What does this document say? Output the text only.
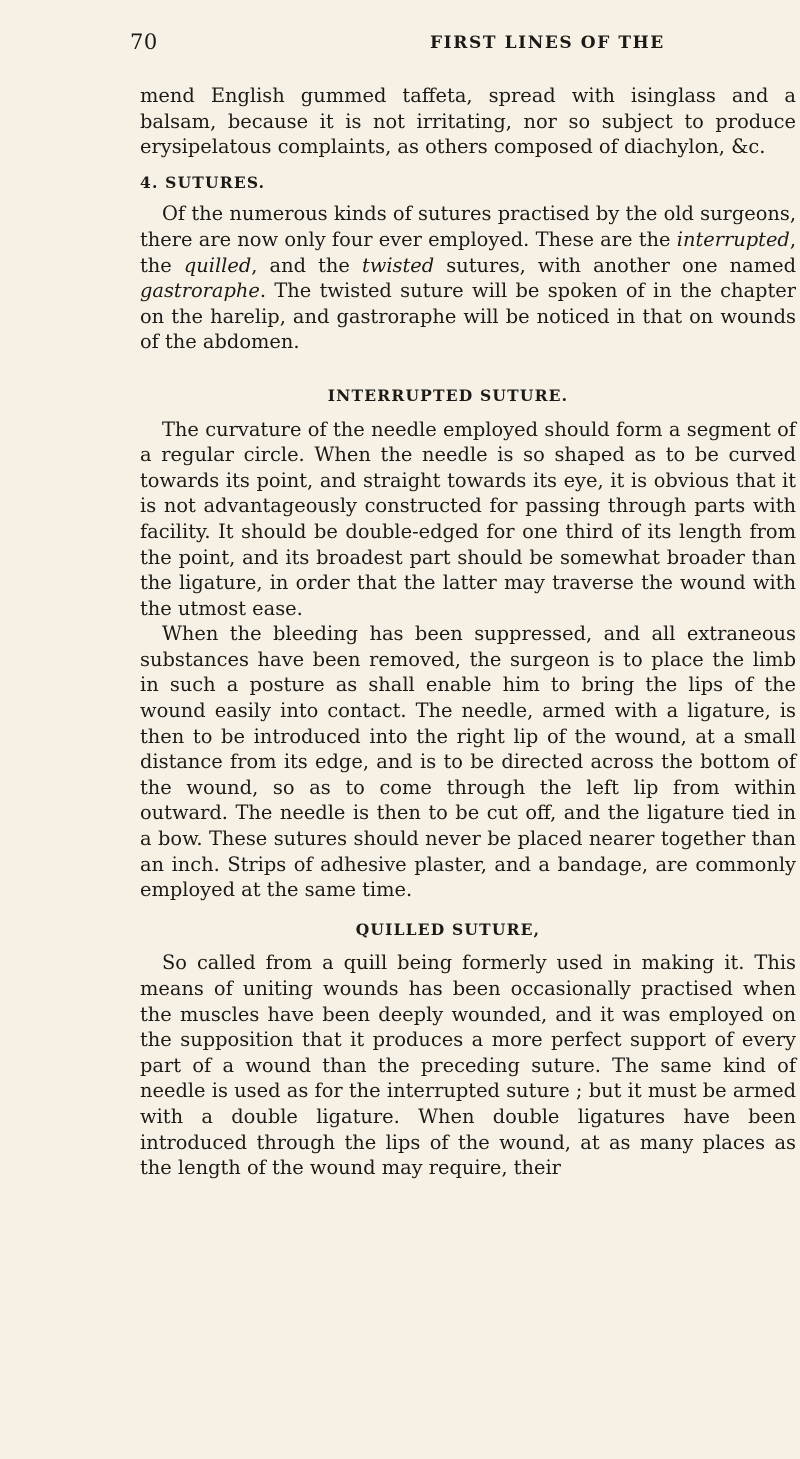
70	FIRST LINES OF THE

mend English gummed taffeta, spread with isinglass and a balsam, because it is not irritating, nor so subject to produce erysipelatous complaints, as others composed of diachylon, &c.

4. SUTURES.

Of the numerous kinds of sutures practised by the old surgeons, there are now only four ever employed. These are the interrupted, the quilled, and the twisted sutures, with another one named gastroraphe. The twisted suture will be spoken of in the chapter on the harelip, and gastroraphe will be noticed in that on wounds of the abdomen.

INTERRUPTED SUTURE.

The curvature of the needle employed should form a segment of a regular circle. When the needle is so shaped as to be curved towards its point, and straight towards its eye, it is obvious that it is not advantageously constructed for passing through parts with facility. It should be double-edged for one third of its length from the point, and its broadest part should be somewhat broader than the ligature, in order that the latter may traverse the wound with the utmost ease.

When the bleeding has been suppressed, and all extraneous substances have been removed, the surgeon is to place the limb in such a posture as shall enable him to bring the lips of the wound easily into contact. The needle, armed with a ligature, is then to be introduced into the right lip of the wound, at a small distance from its edge, and is to be directed across the bottom of the wound, so as to come through the left lip from within outward. The needle is then to be cut off, and the ligature tied in a bow. These sutures should never be placed nearer together than an inch. Strips of adhesive plaster, and a bandage, are commonly employed at the same time.

QUILLED SUTURE,

So called from a quill being formerly used in making it. This means of uniting wounds has been occasionally practised when the muscles have been deeply wounded, and it was employed on the supposition that it produces a more perfect support of every part of a wound than the preceding suture. The same kind of needle is used as for the interrupted suture ; but it must be armed with a double ligature. When double ligatures have been introduced through the lips of the wound, at as many places as the length of the wound may require, their
